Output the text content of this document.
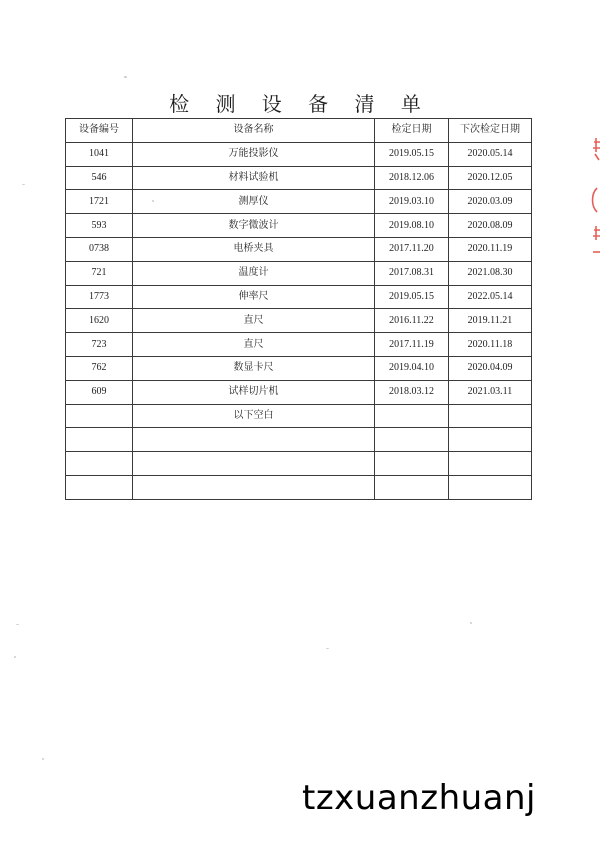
检 测 设 备 清 单
设备编号	设备名称	检定日期	下次检定日期
1041	万能投影仪	2019.05.15	2020.05.14
546	材料试验机	2018.12.06	2020.12.05
1721	测厚仪	2019.03.10	2020.03.09
593	数字微波计	2019.08.10	2020.08.09
0738	电桥夹具	2017.11.20	2020.11.19
721	温度计	2017.08.31	2021.08.30
1773	伸率尺	2019.05.15	2022.05.14
1620	直尺	2016.11.22	2019.11.21
723	直尺	2017.11.19	2020.11.18
762	数显卡尺	2019.04.10	2020.04.09
609	试样切片机	2018.03.12	2021.03.11
	以下空白		

tzxuanzhuanj
